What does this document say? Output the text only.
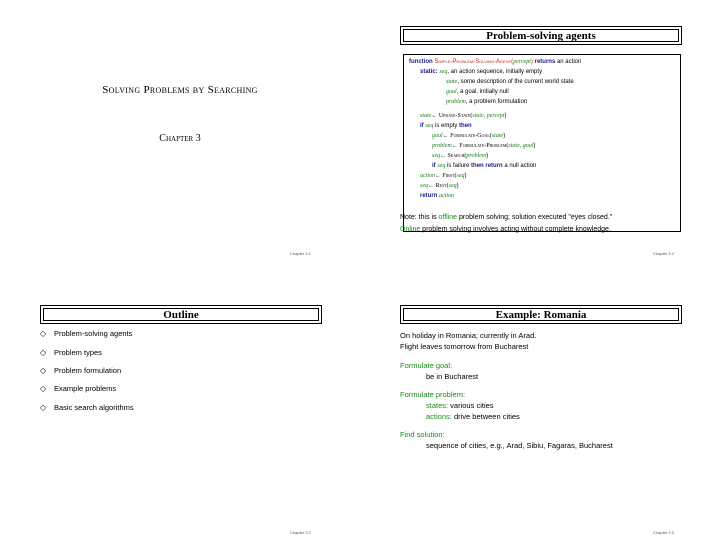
Solving Problems by Searching
Chapter 3
Chapter 3 1
Problem-solving agents
function Simple-Problem-Solving-Agent(percept) returns an action
static: seq, an action sequence, initially empty
state, some description of the current world state
goal, a goal, initially null
problem, a problem formulation
state← Update-State(state, percept)
if seq is empty then
goal← Formulate-Goal(state)
problem← Formulate-Problem(state, goal)
seq← Search(problem)
if seq is failure then return a null action
action← First(seq)
seq← Rest(seq)
return action
Note: this is offline problem solving; solution executed "eyes closed."
Online problem solving involves acting without complete knowledge.
Chapter 3 4
Outline
◇ Problem-solving agents
◇ Problem types
◇ Problem formulation
◇ Example problems
◇ Basic search algorithms
Chapter 3 2
Example: Romania
On holiday in Romania; currently in Arad.
Flight leaves tomorrow from Bucharest
Formulate goal:
be in Bucharest
Formulate problem:
states: various cities
actions: drive between cities
Find solution:
sequence of cities, e.g., Arad, Sibiu, Fagaras, Bucharest
Chapter 3 5
